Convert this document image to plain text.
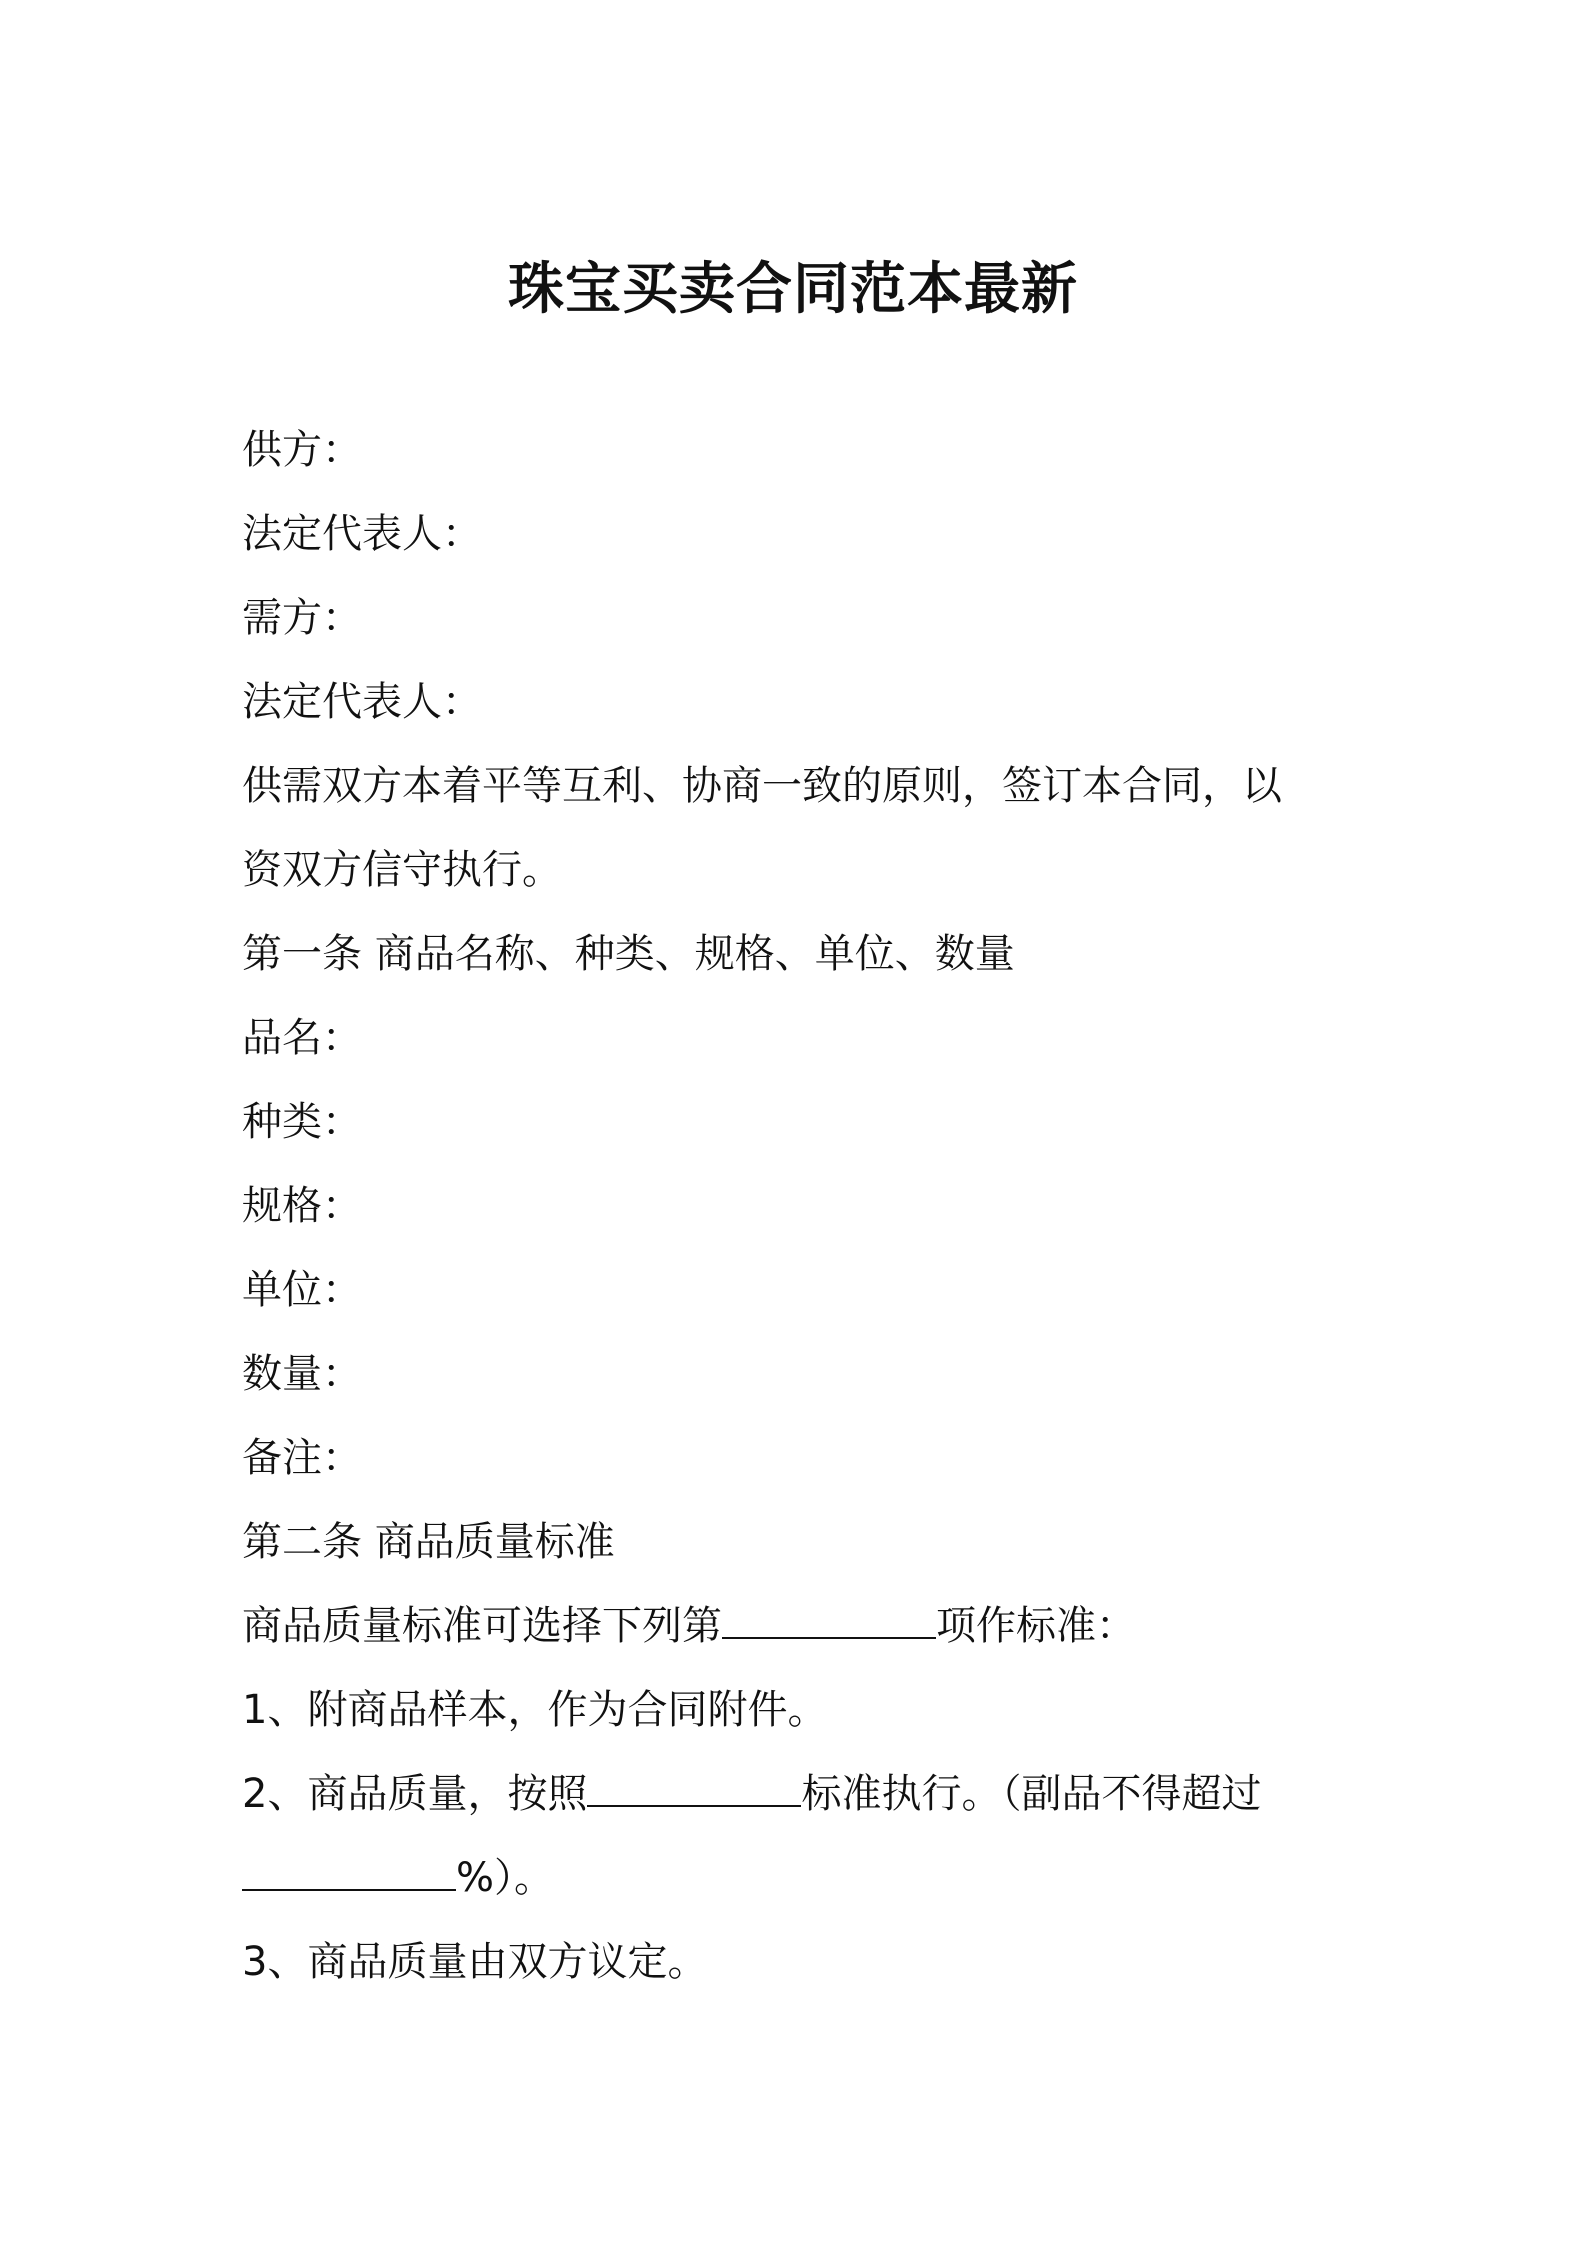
珠宝买卖合同范本最新

供方：

法定代表人：

需方：

法定代表人：

供需双方本着平等互利、协商一致的原则，签订本合同，以

资双方信守执行。

第一条 商品名称、种类、规格、单位、数量

品名：

种类：

规格：

单位：

数量：

备注：

第二条 商品质量标准

商品质量标准可选择下列第	项作标准：

1、附商品样本，作为合同附件。

2、商品质量，按照	标准执行。（副品不得超过

%）。

3、商品质量由双方议定。
